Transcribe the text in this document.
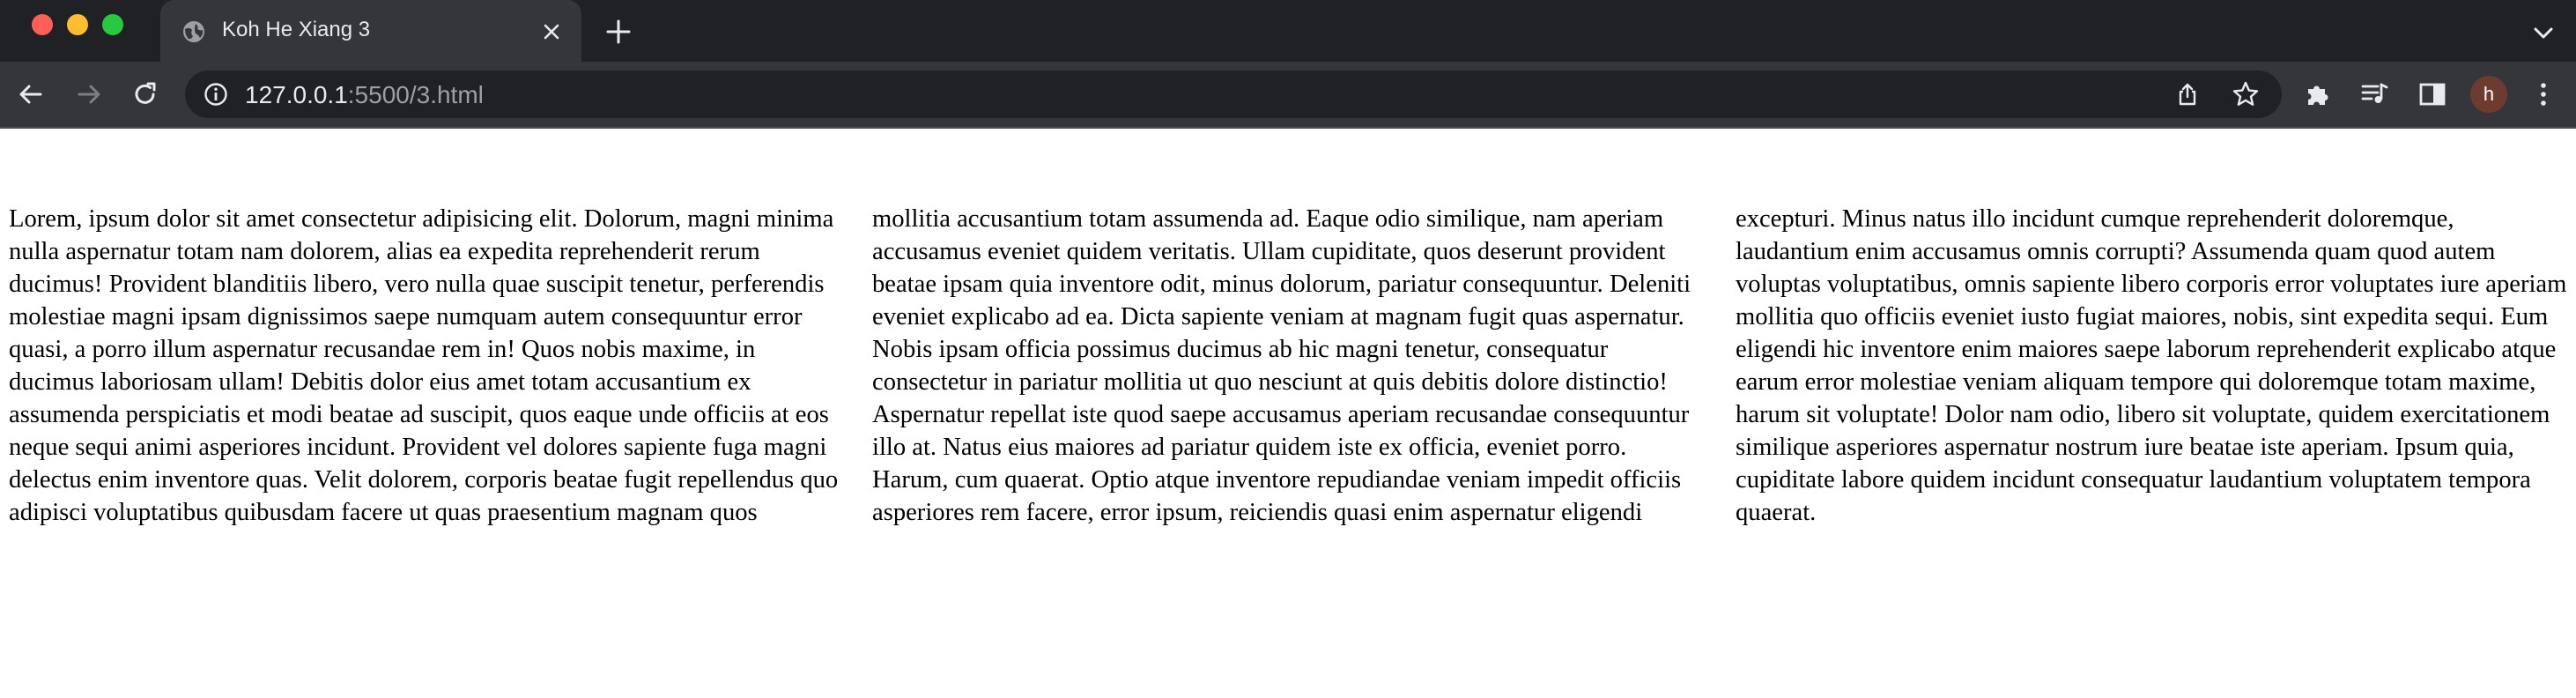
Koh He Xiang 3
127.0.0.1:5500/3.html	h

Lorem, ipsum dolor sit amet consectetur adipisicing elit. Dolorum, magni minima nulla aspernatur totam nam dolorem, alias ea expedita reprehenderit rerum ducimus! Provident blanditiis libero, vero nulla quae suscipit tenetur, perferendis molestiae magni ipsam dignissimos saepe numquam autem consequuntur error quasi, a porro illum aspernatur recusandae rem in! Quos nobis maxime, in ducimus laboriosam ullam! Debitis dolor eius amet totam accusantium ex assumenda perspiciatis et modi beatae ad suscipit, quos eaque unde officiis at eos neque sequi animi asperiores incidunt. Provident vel dolores sapiente fuga magni delectus enim inventore quas. Velit dolorem, corporis beatae fugit repellendus quo adipisci voluptatibus quibusdam facere ut quas praesentium magnam quos mollitia accusantium totam assumenda ad. Eaque odio similique, nam aperiam accusamus eveniet quidem veritatis. Ullam cupiditate, quos deserunt provident beatae ipsam quia inventore odit, minus dolorum, pariatur consequuntur. Deleniti eveniet explicabo ad ea. Dicta sapiente veniam at magnam fugit quas aspernatur. Nobis ipsam officia possimus ducimus ab hic magni tenetur, consequatur consectetur in pariatur mollitia ut quo nesciunt at quis debitis dolore distinctio! Aspernatur repellat iste quod saepe accusamus aperiam recusandae consequuntur illo at. Natus eius maiores ad pariatur quidem iste ex officia, eveniet porro. Harum, cum quaerat. Optio atque inventore repudiandae veniam impedit officiis asperiores rem facere, error ipsum, reiciendis quasi enim aspernatur eligendi excepturi. Minus natus illo incidunt cumque reprehenderit doloremque, laudantium enim accusamus omnis corrupti? Assumenda quam quod autem voluptas voluptatibus, omnis sapiente libero corporis error voluptates iure aperiam mollitia quo officiis eveniet iusto fugiat maiores, nobis, sint expedita sequi. Eum eligendi hic inventore enim maiores saepe laborum reprehenderit explicabo atque earum error molestiae veniam aliquam tempore qui doloremque totam maxime, harum sit voluptate! Dolor nam odio, libero sit voluptate, quidem exercitationem similique asperiores aspernatur nostrum iure beatae iste aperiam. Ipsum quia, cupiditate labore quidem incidunt consequatur laudantium voluptatem tempora quaerat.
